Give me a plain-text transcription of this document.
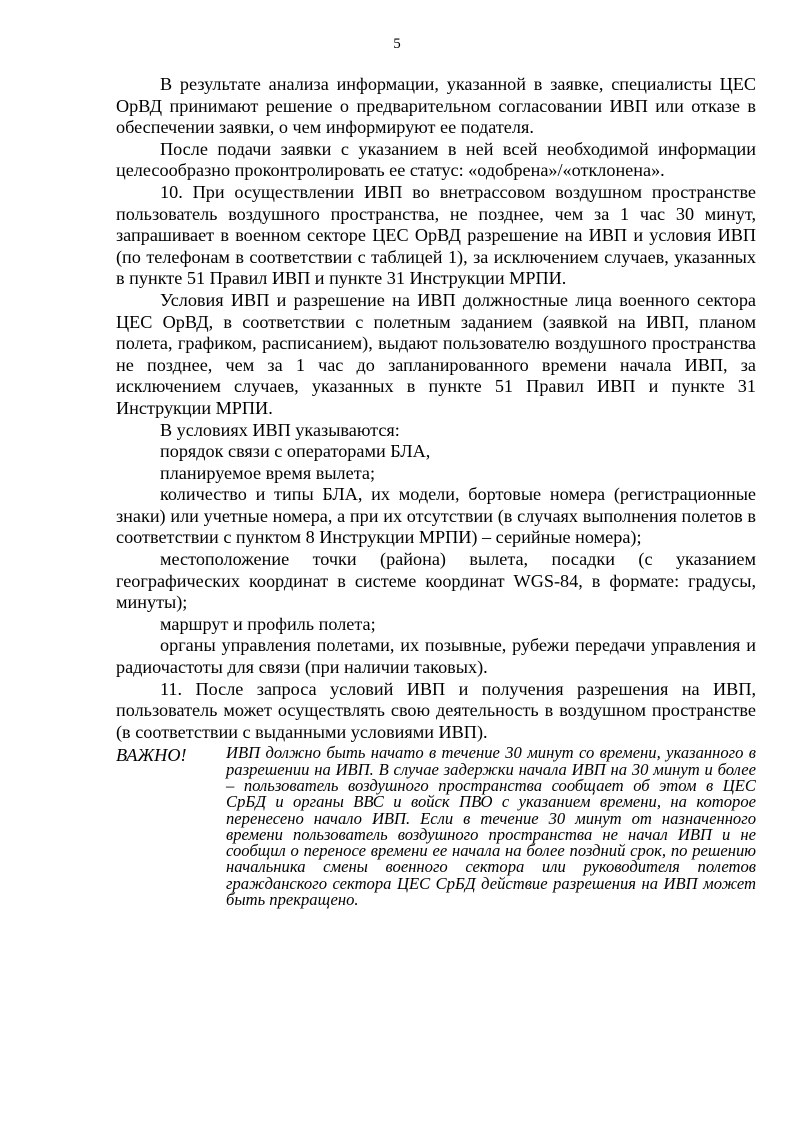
5

В результате анализа информации, указанной в заявке, специалисты ЦЕС ОрВД принимают решение о предварительном согласовании ИВП или отказе в обеспечении заявки, о чем информируют ее подателя.

После подачи заявки с указанием в ней всей необходимой информации целесообразно проконтролировать ее статус: «одобрена»/«отклонена».

10. При осуществлении ИВП во внетрассовом воздушном пространстве пользователь воздушного пространства, не позднее, чем за 1 час 30 минут, запрашивает в военном секторе ЦЕС ОрВД разрешение на ИВП и условия ИВП (по телефонам в соответствии с таблицей 1), за исключением случаев, указанных в пункте 51 Правил ИВП и пункте 31 Инструкции МРПИ.

Условия ИВП и разрешение на ИВП должностные лица военного сектора ЦЕС ОрВД, в соответствии с полетным заданием (заявкой на ИВП, планом полета, графиком, расписанием), выдают пользователю воздушного пространства не позднее, чем за 1 час до запланированного времени начала ИВП, за исключением случаев, указанных в пункте 51 Правил ИВП и пункте 31 Инструкции МРПИ.

В условиях ИВП указываются:

порядок связи с операторами БЛА,

планируемое время вылета;

количество и типы БЛА, их модели, бортовые номера (регистрационные знаки) или учетные номера, а при их отсутствии (в случаях выполнения полетов в соответствии с пунктом 8 Инструкции МРПИ) – серийные номера);

местоположение точки (района) вылета, посадки (с указанием географических координат в системе координат WGS-84, в формате: градусы, минуты);

маршрут и профиль полета;

органы управления полетами, их позывные, рубежи передачи управления и радиочастоты для связи (при наличии таковых).

11. После запроса условий ИВП и получения разрешения на ИВП, пользователь может осуществлять свою деятельность в воздушном пространстве (в соответствии с выданными условиями ИВП).

ВАЖНО!	ИВП должно быть начато в течение 30 минут со времени, указанного в разрешении на ИВП. В случае задержки начала ИВП на 30 минут и более – пользователь воздушного пространства сообщает об этом в ЦЕС СрБД и органы ВВС и войск ПВО с указанием времени, на которое перенесено начало ИВП. Если в течение 30 минут от назначенного времени пользователь воздушного пространства не начал ИВП и не сообщил о переносе времени ее начала на более поздний срок, по решению начальника смены военного сектора или руководителя полетов гражданского сектора ЦЕС СрБД действие разрешения на ИВП может быть прекращено.
